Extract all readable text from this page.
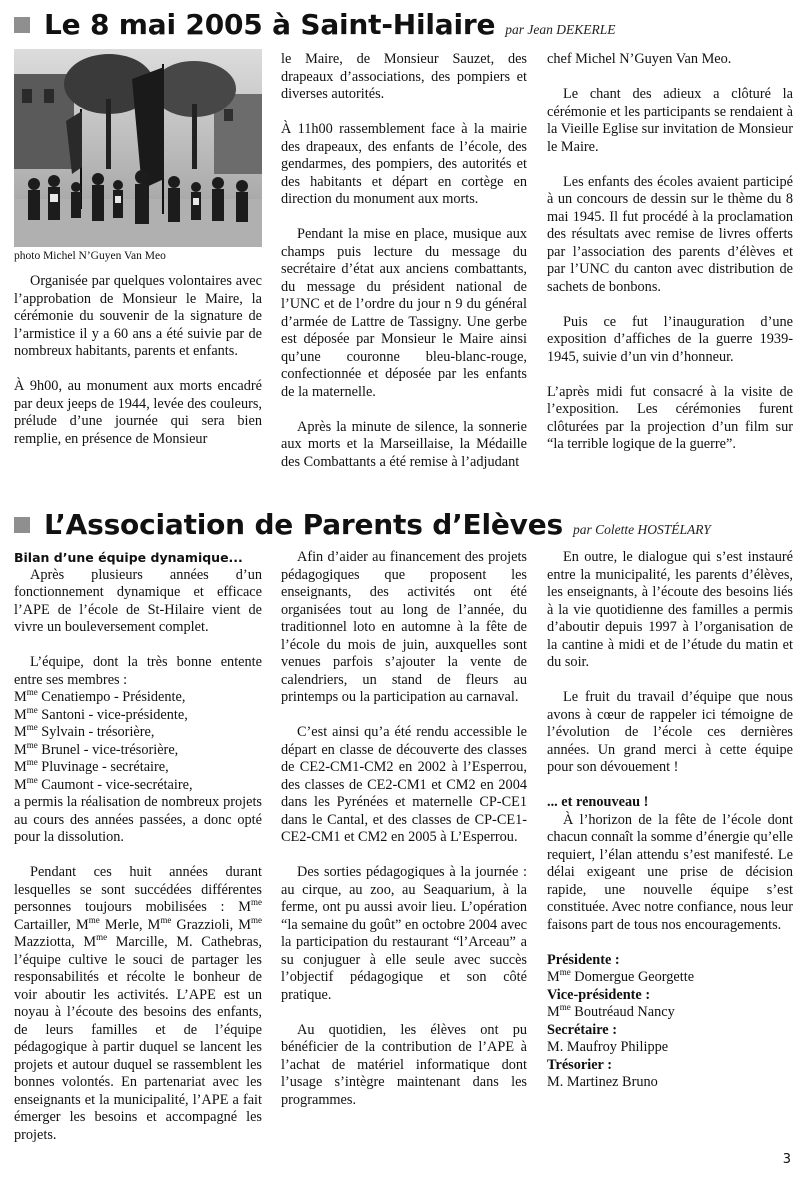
Le 8 mai 2005 à Saint-Hilaire par Jean DEKERLE
photo Michel N’Guyen Van Meo

Organisée par quelques volontaires avec l’approbation de Monsieur le Maire, la cérémonie du souvenir de la signature de l’armistice il y a 60 ans a été suivie par de nombreux habitants, parents et enfants.

À 9h00, au monument aux morts encadré par deux jeeps de 1944, levée des couleurs, prélude d’une journée qui sera bien remplie, en présence de Monsieur

le Maire, de Monsieur Sauzet, des drapeaux d’associations, des pompiers et diverses autorités.

À 11h00 rassemblement face à la mairie des drapeaux, des enfants de l’école, des gendarmes, des pompiers, des autorités et des habitants et départ en cortège en direction du monument aux morts.

Pendant la mise en place, musique aux champs puis lecture du message du secrétaire d’état aux anciens combattants, du message du président national de l’UNC et de l’ordre du jour n 9 du général d’armée de Lattre de Tassigny. Une gerbe est déposée par Monsieur le Maire ainsi qu’une couronne bleu-blanc-rouge, confectionnée et déposée par les enfants de la maternelle.

Après la minute de silence, la sonnerie aux morts et la Marseillaise, la Médaille des Combattants a été remise à l’adjudant

chef Michel N’Guyen Van Meo.

Le chant des adieux a clôturé la cérémonie et les participants se rendaient à la Vieille Eglise sur invitation de Monsieur le Maire.

Les enfants des écoles avaient participé à un concours de dessin sur le thème du 8 mai 1945. Il fut procédé à la proclamation des résultats avec remise de livres offerts par l’association des parents d’élèves et par l’UNC du canton avec distribution de sachets de bonbons.

Puis ce fut l’inauguration d’une exposition d’affiches de la guerre 1939-1945, suivie d’un vin d’honneur.

L’après midi fut consacré à la visite de l’exposition. Les cérémonies furent clôturées par la projection d’un film sur “la terrible logique de la guerre”.

L’Association de Parents d’Elèves par Colette HOSTÉLARY
Bilan d’une équipe dynamique...

Après plusieurs années d’un fonctionnement dynamique et efficace l’APE de l’école de St-Hilaire vient de vivre un bouleversement complet.

L’équipe, dont la très bonne entente entre ses membres :

$M^{me}$ Cenatiempo - Présidente,
$M^{me}$ Santoni - vice-présidente,
$M^{me}$ Sylvain - trésorière,
$M^{me}$ Brunel - vice-trésorière,
$M^{me}$ Pluvinage - secrétaire,
$M^{me}$ Caumont - vice-secrétaire,

a permis la réalisation de nombreux projets au cours des années passées, a donc opté pour la dissolution.

Pendant ces huit années durant lesquelles se sont succédées différentes personnes toujours mobilisées : $M^{me}$ Cartailler, $M^{me}$ Merle, $M^{me}$ Grazzioli, $M^{me}$ Mazziotta, $M^{me}$ Marcille, M. Cathebras, l’équipe cultive le souci de partager les responsabilités et récolte le bonheur de voir aboutir les activités. L’APE est un noyau à l’écoute des besoins des enfants, de leurs familles et de l’équipe pédagogique à partir duquel se lancent les projets et autour duquel se rassemblent les bonnes volontés. En partenariat avec les enseignants et la municipalité, l’APE a fait émerger les besoins et accompagné les projets.

Afin d’aider au financement des projets pédagogiques que proposent les enseignants, des activités ont été organisées tout au long de l’année, du traditionnel loto en automne à la fête de l’école du mois de juin, auxquelles sont venues parfois s’ajouter la vente de calendriers, un stand de fleurs au printemps ou la participation au carnaval.

C’est ainsi qu’a été rendu accessible le départ en classe de découverte des classes de CE2-CM1-CM2 en 2002 à l’Esperrou, des classes de CE2-CM1 et CM2 en 2004 dans les Pyrénées et maternelle CP-CE1 dans le Cantal, et des classes de CP-CE1-CE2-CM1 et CM2 en 2005 à L’Esperrou.

Des sorties pédagogiques à la journée : au cirque, au zoo, au Seaquarium, à la ferme, ont pu aussi avoir lieu. L’opération “la semaine du goût” en octobre 2004 avec la participation du restaurant “l’Arceau” a su conjuguer à elle seule avec succès l’objectif pédagogique et son côté pratique.

Au quotidien, les élèves ont pu bénéficier de la contribution de l’APE à l’achat de matériel informatique dont l’usage s’intègre maintenant dans les programmes.

En outre, le dialogue qui s’est instauré entre la municipalité, les parents d’élèves, les enseignants, à l’écoute des besoins liés à la vie quotidienne des familles a permis d’aboutir depuis 1997 à l’organisation de la cantine à midi et de l’étude du matin et du soir.

Le fruit du travail d’équipe que nous avons à cœur de rappeler ici témoigne de l’évolution de l’école ces dernières années. Un grand merci à cette équipe pour son dévouement !

... et renouveau !

À l’horizon de la fête de l’école dont chacun connaît la somme d’énergie qu’elle requiert, l’élan attendu s’est manifesté. Le délai exigeant une prise de décision rapide, une nouvelle équipe s’est constituée. Avec notre confiance, nous leur faisons part de tous nos encouragements.

Présidente :
$M^{me}$ Domergue Georgette
Vice-présidente :
$M^{me}$ Boutréaud Nancy
Secrétaire :
M. Maufroy Philippe
Trésorier :
M. Martinez Bruno
3
